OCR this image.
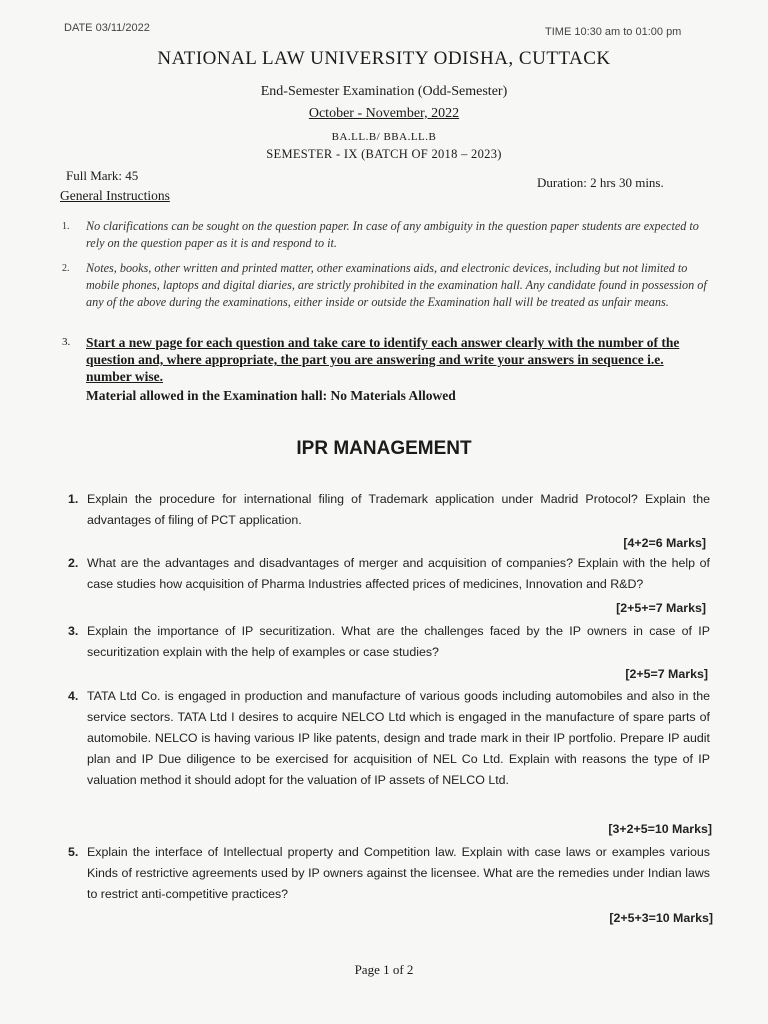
DATE 03/11/2022	TIME 10:30 am to 01:00 pm
NATIONAL LAW UNIVERSITY ODISHA, CUTTACK
End-Semester Examination (Odd-Semester)
October - November, 2022
BA.LL.B/ BBA.LL.B
SEMESTER - IX (BATCH OF 2018 – 2023)
Full Mark: 45	Duration: 2 hrs 30 mins.
General Instructions
1. No clarifications can be sought on the question paper. In case of any ambiguity in the question paper students are expected to rely on the question paper as it is and respond to it.
2. Notes, books, other written and printed matter, other examinations aids, and electronic devices, including but not limited to mobile phones, laptops and digital diaries, are strictly prohibited in the examination hall. Any candidate found in possession of any of the above during the examinations, either inside or outside the Examination hall will be treated as unfair means.
3. Start a new page for each question and take care to identify each answer clearly with the number of the question and, where appropriate, the part you are answering and write your answers in sequence i.e. number wise.
Material allowed in the Examination hall: No Materials Allowed
IPR MANAGEMENT
1. Explain the procedure for international filing of Trademark application under Madrid Protocol? Explain the advantages of filing of PCT application.
[4+2=6 Marks]
2. What are the advantages and disadvantages of merger and acquisition of companies? Explain with the help of case studies how acquisition of Pharma Industries affected prices of medicines, Innovation and R&D?
[2+5+=7 Marks]
3. Explain the importance of IP securitization. What are the challenges faced by the IP owners in case of IP securitization explain with the help of examples or case studies?
[2+5=7 Marks]
4. TATA Ltd Co. is engaged in production and manufacture of various goods including automobiles and also in the service sectors. TATA Ltd I desires to acquire NELCO Ltd which is engaged in the manufacture of spare parts of automobile. NELCO is having various IP like patents, design and trade mark in their IP portfolio. Prepare IP audit plan and IP Due diligence to be exercised for acquisition of NEL Co Ltd. Explain with reasons the type of IP valuation method it should adopt for the valuation of IP assets of NELCO Ltd.
[3+2+5=10 Marks]
5. Explain the interface of Intellectual property and Competition law. Explain with case laws or examples various Kinds of restrictive agreements used by IP owners against the licensee. What are the remedies under Indian laws to restrict anti-competitive practices?
[2+5+3=10 Marks]
Page 1 of 2
